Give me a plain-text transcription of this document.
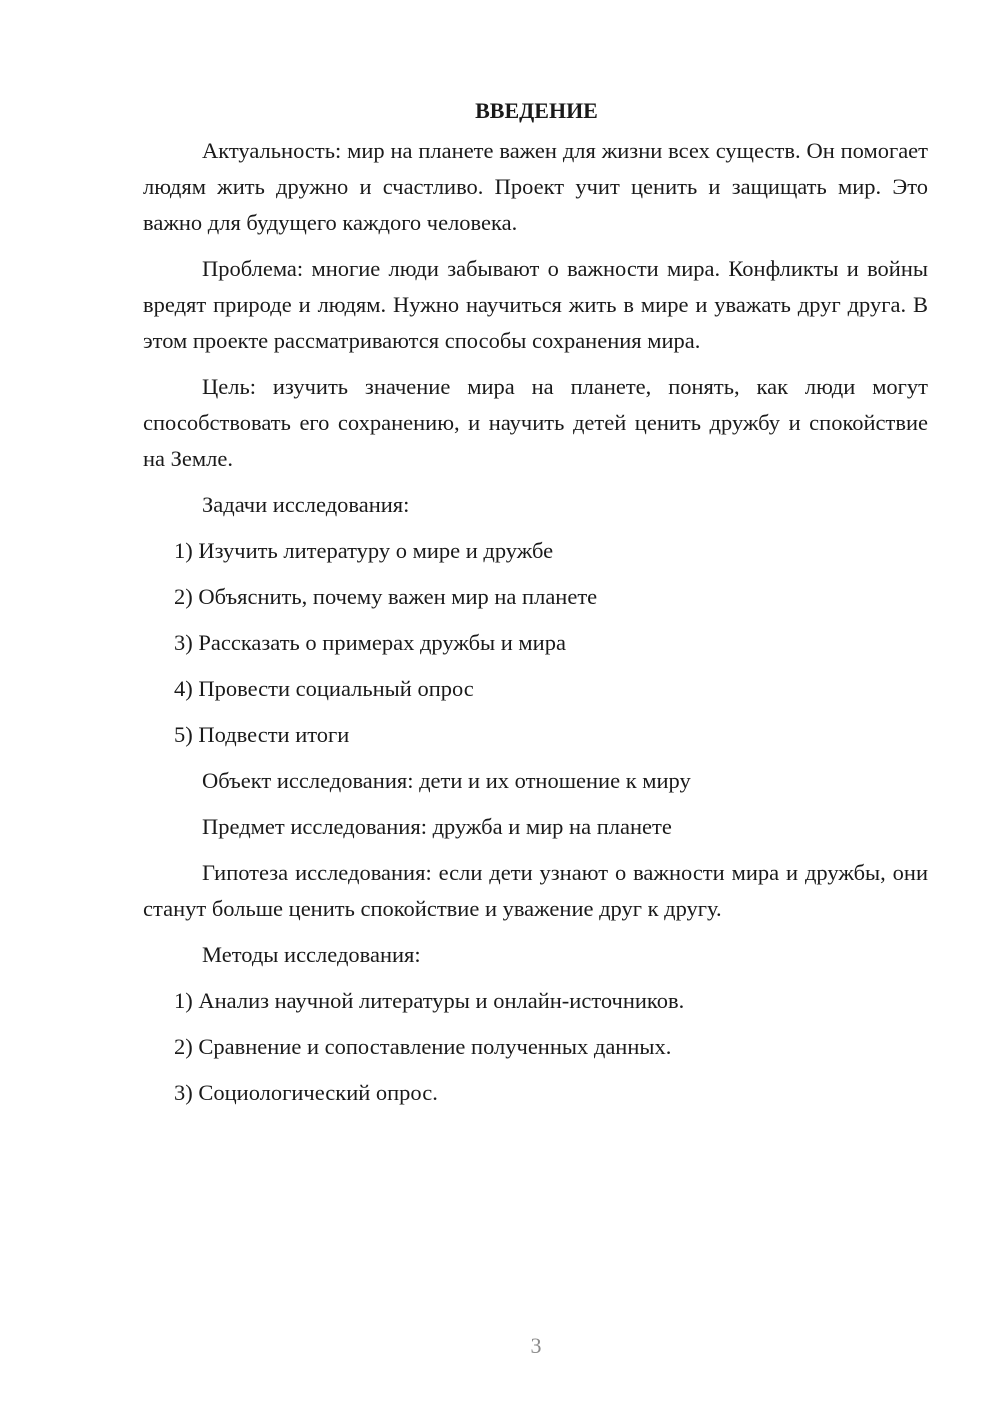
ВВЕДЕНИЕ
Актуальность: мир на планете важен для жизни всех существ. Он помогает людям жить дружно и счастливо. Проект учит ценить и защищать мир. Это важно для будущего каждого человека.
Проблема: многие люди забывают о важности мира. Конфликты и войны вредят природе и людям. Нужно научиться жить в мире и уважать друг друга. В этом проекте рассматриваются способы сохранения мира.
Цель: изучить значение мира на планете, понять, как люди могут способствовать его сохранению, и научить детей ценить дружбу и спокойствие на Земле.
Задачи исследования:
1) Изучить литературу о мире и дружбе
2) Объяснить, почему важен мир на планете
3) Рассказать о примерах дружбы и мира
4) Провести социальный опрос
5) Подвести итоги
Объект исследования: дети и их отношение к миру
Предмет исследования: дружба и мир на планете
Гипотеза исследования: если дети узнают о важности мира и дружбы, они станут больше ценить спокойствие и уважение друг к другу.
Методы исследования:
1) Анализ научной литературы и онлайн-источников.
2) Сравнение и сопоставление полученных данных.
3) Социологический опрос.
3
